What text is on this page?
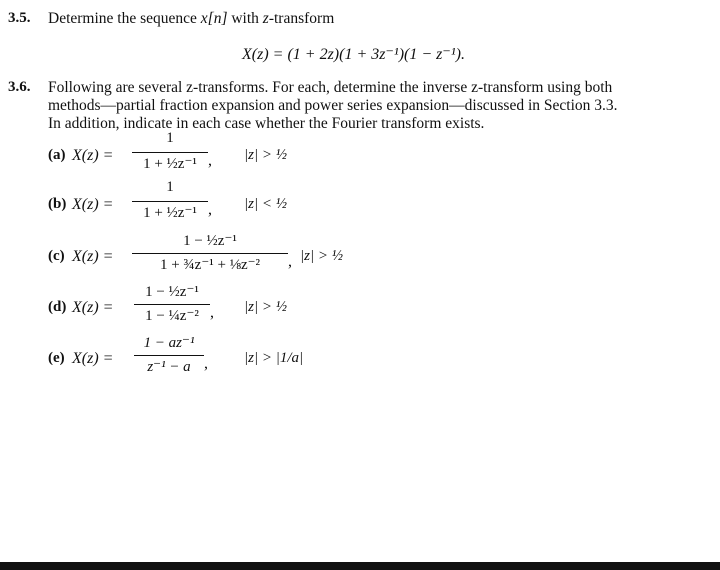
3.5. Determine the sequence x[n] with z-transform
X(z) = (1 + 2z)(1 + 3z⁻¹)(1 − z⁻¹).
3.6. Following are several z-transforms. For each, determine the inverse z-transform using both
methods—partial fraction expansion and power series expansion—discussed in Section 3.3.
In addition, indicate in each case whether the Fourier transform exists.
(a) X(z) =
1
1 + ½z⁻¹ , |z| > ½
(b) X(z) =
1
1 + ½z⁻¹ , |z| < ½
(c) X(z) =
1 − ½z⁻¹
1 + ¾z⁻¹ + ⅛z⁻²	, |z| > ½
(d) X(z) =
1 − ½z⁻¹
1 − ¼z⁻² , |z| > ½
(e) X(z) =
1 − az⁻¹
z⁻¹ − a , |z| > |1/a|
